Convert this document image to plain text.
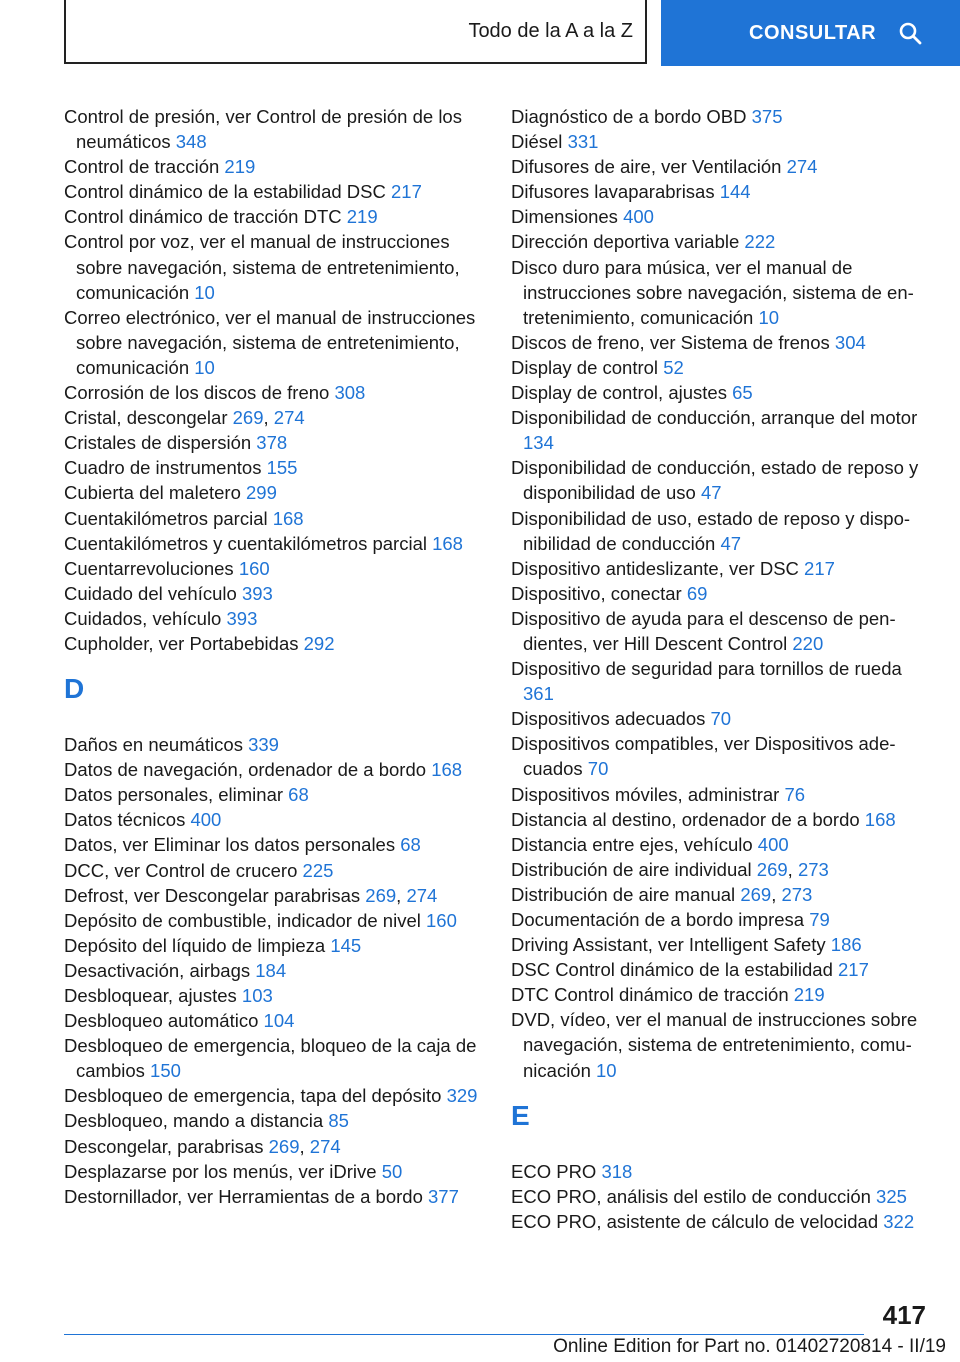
Todo de la A a la Z	CONSULTAR
Control de presión, ver Control de presión de los neumáticos 348
Control de tracción 219
Control dinámico de la estabilidad DSC 217
Control dinámico de tracción DTC 219
Control por voz, ver el manual de instrucciones sobre navegación, sistema de entretenimiento, comunicación 10
Correo electrónico, ver el manual de instrucciones sobre navegación, sistema de entretenimiento, comunicación 10
Corrosión de los discos de freno 308
Cristal, descongelar 269, 274
Cristales de dispersión 378
Cuadro de instrumentos 155
Cubierta del maletero 299
Cuentakilómetros parcial 168
Cuentakilómetros y cuentakilómetros parcial 168
Cuentarrevoluciones 160
Cuidado del vehículo 393
Cuidados, vehículo 393
Cupholder, ver Portabebidas 292
D
Daños en neumáticos 339
Datos de navegación, ordenador de a bordo 168
Datos personales, eliminar 68
Datos técnicos 400
Datos, ver Eliminar los datos personales 68
DCC, ver Control de crucero 225
Defrost, ver Descongelar parabrisas 269, 274
Depósito de combustible, indicador de nivel 160
Depósito del líquido de limpieza 145
Desactivación, airbags 184
Desbloquear, ajustes 103
Desbloqueo automático 104
Desbloqueo de emergencia, bloqueo de la caja de cambios 150
Desbloqueo de emergencia, tapa del depósito 329
Desbloqueo, mando a distancia 85
Descongelar, parabrisas 269, 274
Desplazarse por los menús, ver iDrive 50
Destornillador, ver Herramientas de a bordo 377
Diagnóstico de a bordo OBD 375
Diésel 331
Difusores de aire, ver Ventilación 274
Difusores lavaparabrisas 144
Dimensiones 400
Dirección deportiva variable 222
Disco duro para música, ver el manual de instrucciones sobre navegación, sistema de entretenimiento, comunicación 10
Discos de freno, ver Sistema de frenos 304
Display de control 52
Display de control, ajustes 65
Disponibilidad de conducción, arranque del motor 134
Disponibilidad de conducción, estado de reposo y disponibilidad de uso 47
Disponibilidad de uso, estado de reposo y disponibilidad de conducción 47
Dispositivo antideslizante, ver DSC 217
Dispositivo, conectar 69
Dispositivo de ayuda para el descenso de pendientes, ver Hill Descent Control 220
Dispositivo de seguridad para tornillos de rueda 361
Dispositivos adecuados 70
Dispositivos compatibles, ver Dispositivos adecuados 70
Dispositivos móviles, administrar 76
Distancia al destino, ordenador de a bordo 168
Distancia entre ejes, vehículo 400
Distribución de aire individual 269, 273
Distribución de aire manual 269, 273
Documentación de a bordo impresa 79
Driving Assistant, ver Intelligent Safety 186
DSC Control dinámico de la estabilidad 217
DTC Control dinámico de tracción 219
DVD, vídeo, ver el manual de instrucciones sobre navegación, sistema de entretenimiento, comunicación 10
E
ECO PRO 318
ECO PRO, análisis del estilo de conducción 325
ECO PRO, asistente de cálculo de velocidad 322
417
Online Edition for Part no. 01402720814 - II/19
